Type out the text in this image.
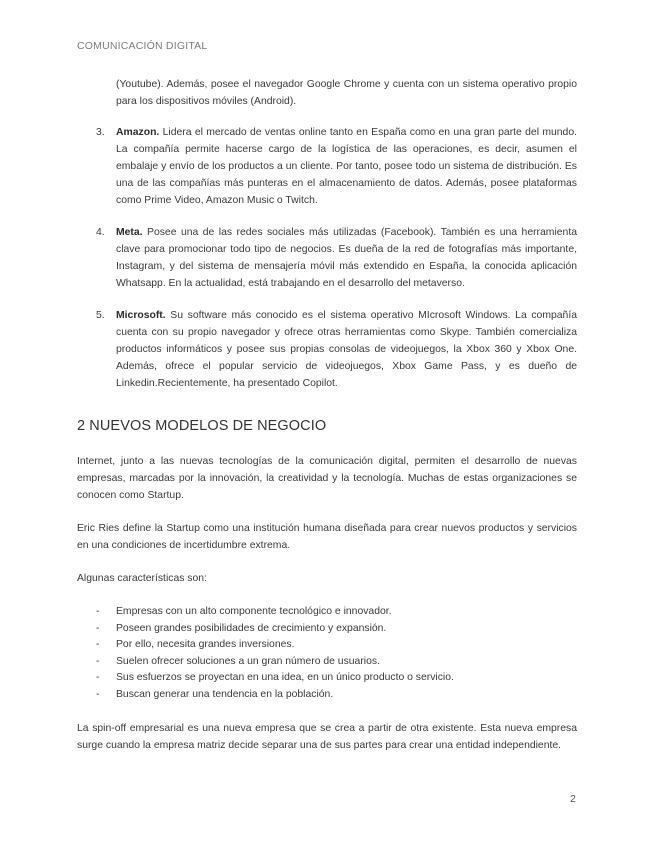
COMUNICACIÓN DIGITAL

(Youtube). Además, posee el navegador Google Chrome y cuenta con un sistema operativo propio para los dispositivos móviles (Android).

3. Amazon. Lidera el mercado de ventas online tanto en España como en una gran parte del mundo. La compañía permite hacerse cargo de la logística de las operaciones, es decir, asumen el embalaje y envío de los productos a un cliente. Por tanto, posee todo un sistema de distribución. Es una de las compañías más punteras en el almacenamiento de datos. Además, posee plataformas como Prime Video, Amazon Music o Twitch.

4. Meta. Posee una de las redes sociales más utilizadas (Facebook). También es una herramienta clave para promocionar todo tipo de negocios. Es dueña de la red de fotografías más importante, Instagram, y del sistema de mensajería móvil más extendido en España, la conocida aplicación Whatsapp. En la actualidad, está trabajando en el desarrollo del metaverso.

5. Microsoft. Su software más conocido es el sistema operativo MIcrosoft Windows. La compañía cuenta con su propio navegador y ofrece otras herramientas como Skype. También comercializa productos informáticos y posee sus propias consolas de videojuegos, la Xbox 360 y Xbox One. Además, ofrece el popular servicio de videojuegos, Xbox Game Pass, y es dueño de Linkedin.Recientemente, ha presentado Copilot.

2 NUEVOS MODELOS DE NEGOCIO

Internet, junto a las nuevas tecnologías de la comunicación digital, permiten el desarrollo de nuevas empresas, marcadas por la innovación, la creatividad y la tecnología. Muchas de estas organizaciones se conocen como Startup.

Eric Ries define la Startup como una institución humana diseñada para crear nuevos productos y servicios en una condiciones de incertidumbre extrema.

Algunas características son:

- Empresas con un alto componente tecnológico e innovador.
- Poseen grandes posibilidades de crecimiento y expansión.
- Por ello, necesita grandes inversiones.
- Suelen ofrecer soluciones a un gran número de usuarios.
- Sus esfuerzos se proyectan en una idea, en un único producto o servicio.
- Buscan generar una tendencia en la población.

La spin-off empresarial es una nueva empresa que se crea a partir de otra existente. Esta nueva empresa surge cuando la empresa matriz decide separar una de sus partes para crear una entidad independiente.

2
